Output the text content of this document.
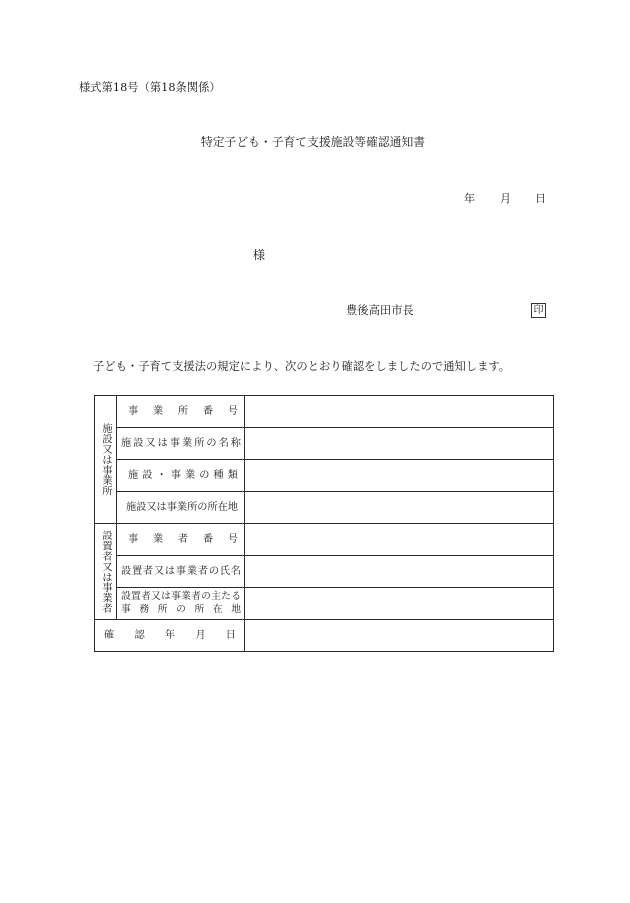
様式第18号（第18条関係）
特定子ども・子育て支援施設等確認通知書
年 月 日
様
豊後高田市長	印
子ども・子育て支援法の規定により、次のとおり確認をしましたので通知します。
施設又は事業所	事業所番号	

	施設又は事業所の名称	

	施設・事業の種類	

	施設又は事業所の所在地	

設置者又は事業者	事業者番号	

	設置者又は事業者の氏名	

	設置者又は事業者の主たる
事務所の所在地	

確認年月日		
